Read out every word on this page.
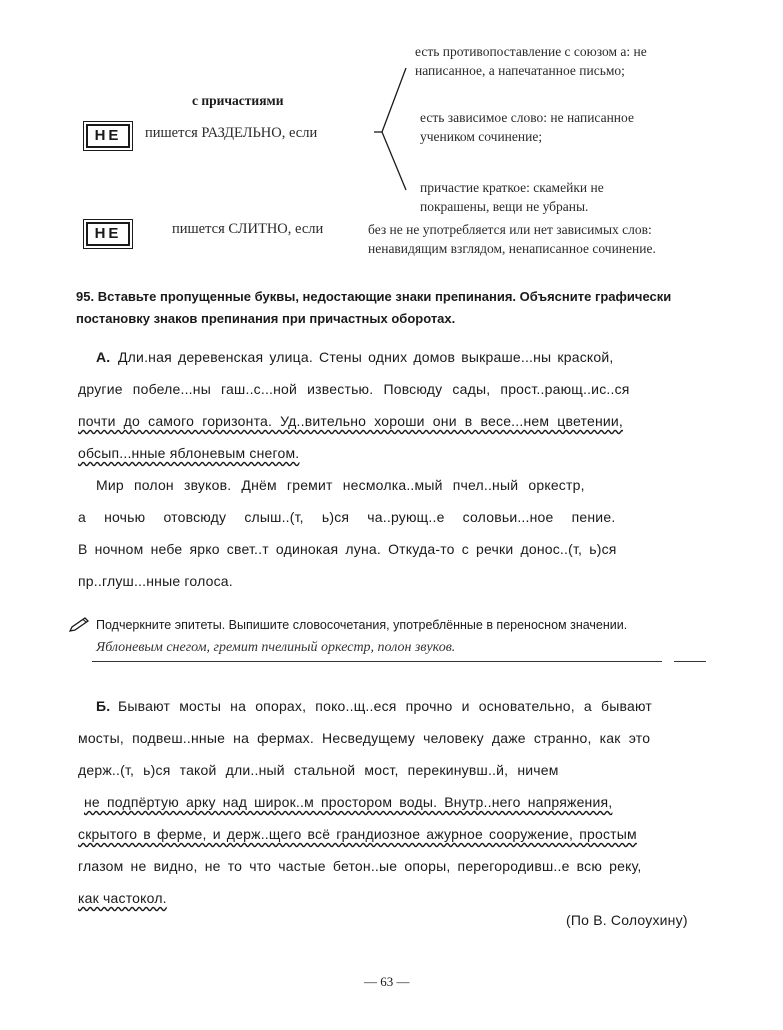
с причастиями
НЕ	пишется РАЗДЕЛЬНО, если
есть противопоставление с союзом а: не
написанное, а напечатанное письмо;
есть зависимое слово: не написанное
учеником сочинение;
причастие краткое: скамейки не
покрашены, вещи не убраны.
НЕ	пишется СЛИТНО, если	без не не употребляется или нет зависимых слов:
ненавидящим взглядом, ненаписанное сочинение.
95. Вставьте пропущенные буквы, недостающие знаки препинания. Объясните графически
постановку знаков препинания при причастных оборотах.
А. Дли.ная деревенская улица. Стены одних домов выкраше...ны краской,
другие побеле...ны гаш..с...ной известью. Повсюду сады, прост..рающ..ис..ся
почти до самого горизонта. Уд..вительно хороши они в весе...нем цветении,
обсып...нные яблоневым снегом.
Мир полон звуков. Днём гремит несмолка..мый пчел..ный оркестр,
а ночью отовсюду слыш..(т, ь)ся ча..рующ..е соловьи...ное пение.
В ночном небе ярко свет..т одинокая луна. Откуда-то с речки донос..(т, ь)ся
пр..глуш...нные голоса.
Подчеркните эпитеты. Выпишите словосочетания, употреблённые в переносном значении.
Яблоневым снегом, гремит пчелиный оркестр, полон звуков.
Б. Бывают мосты на опорах, поко..щ..еся прочно и основательно, а бывают
мосты, подвеш..нные на фермах. Несведущему человеку даже странно, как это
держ..(т, ь)ся такой дли..ный стальной мост, перекинувш..й, ничем
не подпёртую арку над широк..м простором воды. Внутр..него напряжения,
скрытого в ферме, и держ..щего всё грандиозное ажурное сооружение, простым
глазом не видно, не то что частые бетон..ые опоры, перегородивш..е всю реку,
как частокол.
(По В. Солоухину)
— 63 —
